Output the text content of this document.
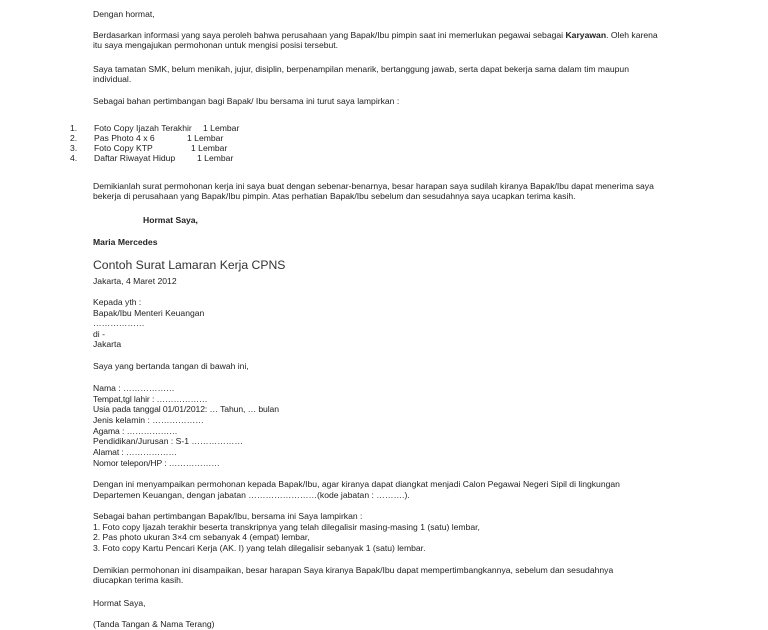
Dengan hormat,
Berdasarkan informasi yang saya peroleh bahwa perusahaan yang Bapak/Ibu pimpin saat ini memerlukan pegawai sebagai Karyawan. Oleh karena itu saya mengajukan permohonan untuk mengisi posisi tersebut.
Saya tamatan SMK, belum menikah, jujur, disiplin, berpenampilan menarik, bertanggung jawab, serta dapat bekerja sama dalam tim maupun individual.
Sebagai bahan pertimbangan bagi Bapak/ Ibu bersama ini turut saya lampirkan :
1. Foto Copy Ijazah Terakhir 1 Lembar
2. Pas Photo 4 x 6	1 Lembar
3. Foto Copy KTP	1 Lembar
4. Daftar Riwayat Hidup	1 Lembar
Demikianlah surat permohonan kerja ini saya buat dengan sebenar-benarnya, besar harapan saya sudilah kiranya Bapak/Ibu dapat menerima saya bekerja di perusahaan yang Bapak/Ibu pimpin. Atas perhatian Bapak/Ibu sebelum dan sesudahnya saya ucapkan terima kasih.
Hormat Saya,
Maria Mercedes
Contoh Surat Lamaran Kerja CPNS
Jakarta, 4 Maret 2012
Kepada yth :
Bapak/Ibu Menteri Keuangan
………………
di -
Jakarta
Saya yang bertanda tangan di bawah ini,
Nama : ………………
Tempat,tgl lahir : ………………
Usia pada tanggal 01/01/2012: … Tahun, … bulan
Jenis kelamin : ………………
Agama : ………………
Pendidikan/Jurusan : S-1 ………………
Alamat : ………………
Nomor telepon/HP : ………………
Dengan ini menyampaikan permohonan kepada Bapak/Ibu, agar kiranya dapat diangkat menjadi Calon Pegawai Negeri Sipil di lingkungan
Departemen Keuangan, dengan jabatan ……………………(kode jabatan : ……….).
Sebagai bahan pertimbangan Bapak/Ibu, bersama ini Saya lampirkan :
1. Foto copy Ijazah terakhir beserta transkripnya yang telah dilegalisir masing-masing 1 (satu) lembar,
2. Pas photo ukuran 3×4 cm sebanyak 4 (empat) lembar,
3. Foto copy Kartu Pencari Kerja (AK. I) yang telah dilegalisir sebanyak 1 (satu) lembar.
Demikian permohonan ini disampaikan, besar harapan Saya kiranya Bapak/Ibu dapat mempertimbangkannya, sebelum dan sesudahnya
diucapkan terima kasih.
Hormat Saya,
(Tanda Tangan & Nama Terang)
